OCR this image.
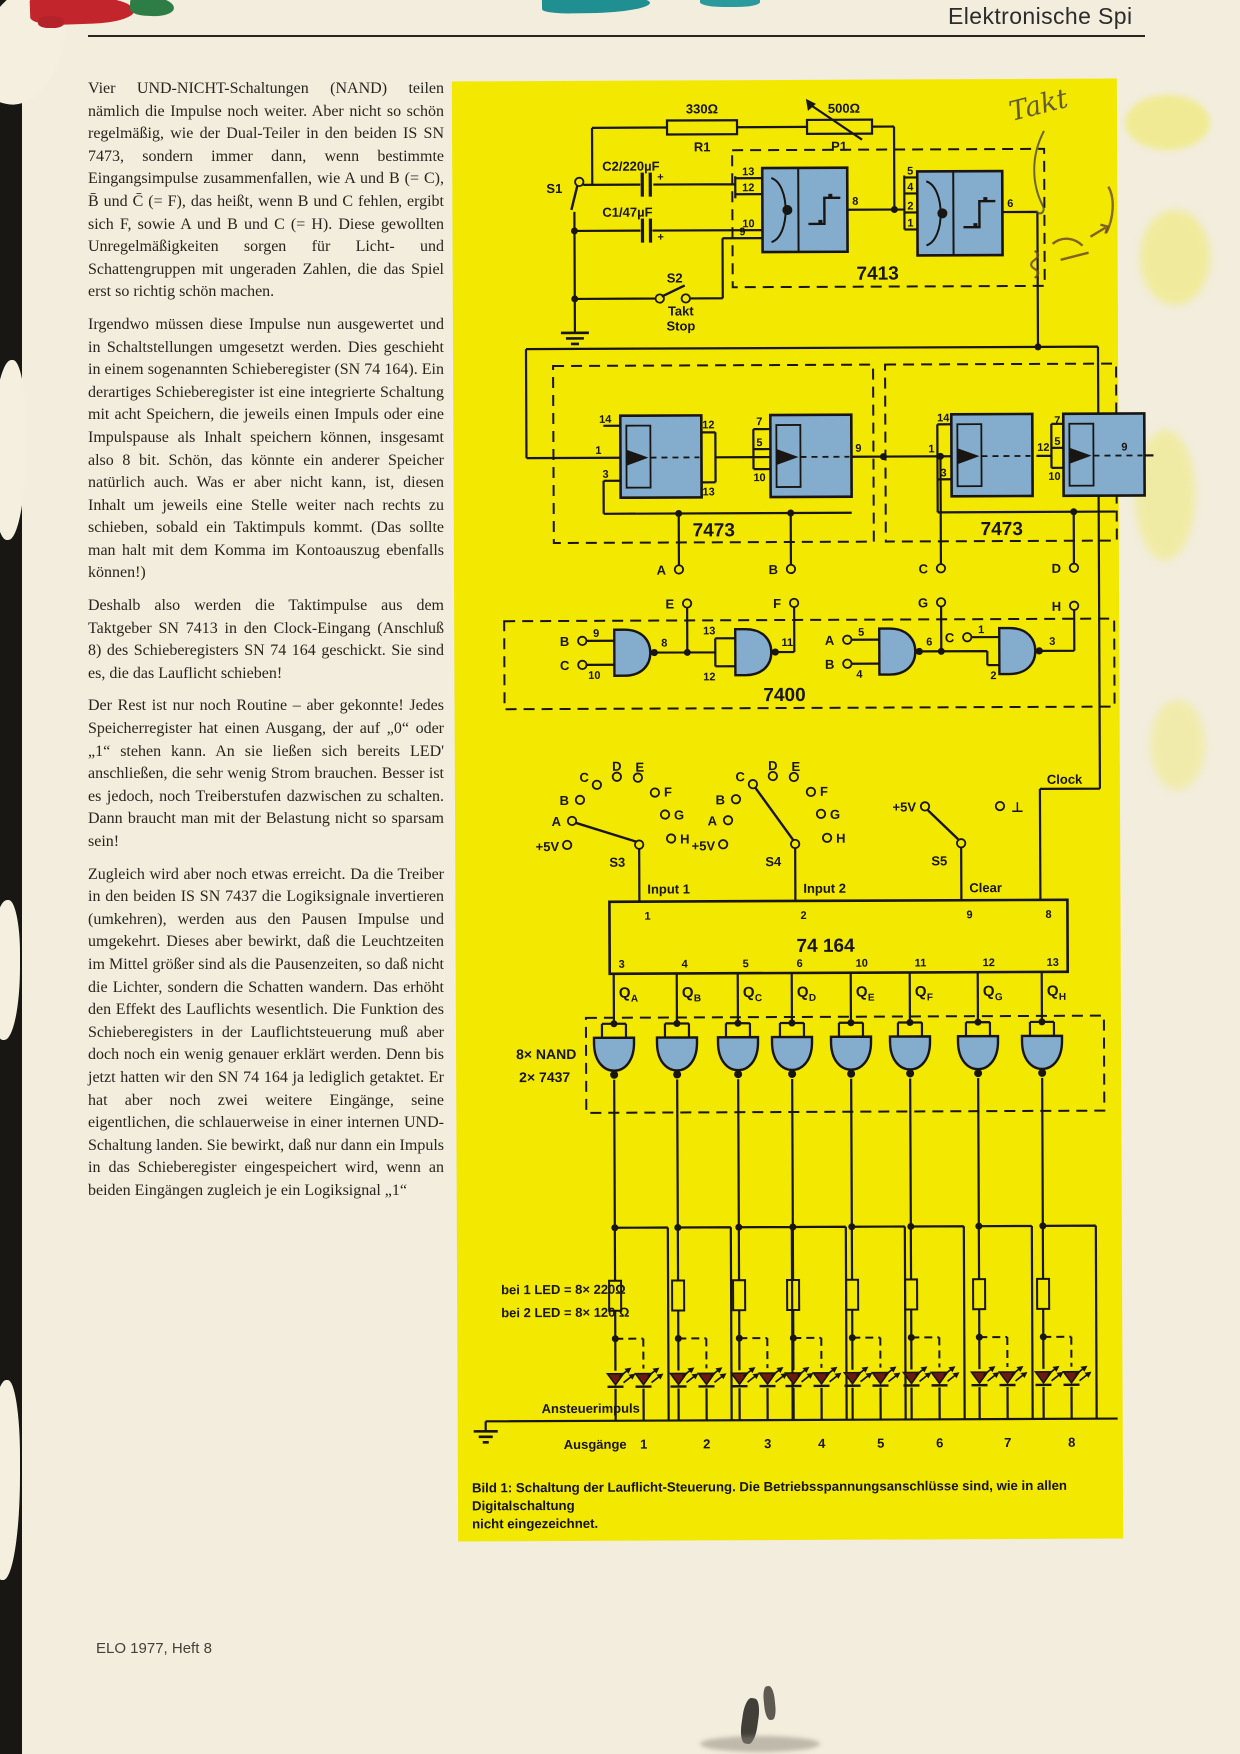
Elektronische Spi

Vier UND-NICHT-Schaltungen (NAND) teilen nämlich die Impulse noch weiter. Aber nicht so schön regelmäßig, wie der Dual-Teiler in den beiden IS SN 7473, sondern immer dann, wenn bestimmte Eingangsimpulse zusammenfallen, wie A und B (= C), B̄ und C̄ (= F), das heißt, wenn B und C fehlen, ergibt sich F, sowie A und B und C (= H). Diese gewollten Unregelmäßigkeiten sorgen für Licht- und Schattengruppen mit ungeraden Zahlen, die das Spiel erst so richtig schön machen.

Irgendwo müssen diese Impulse nun ausgewertet und in Schaltstellungen umgesetzt werden. Dies geschieht in einem sogenannten Schieberegister (SN 74 164). Ein derartiges Schieberegister ist eine integrierte Schaltung mit acht Speichern, die jeweils einen Impuls oder eine Impulspause als Inhalt speichern können, insgesamt also 8 bit. Schön, das könnte ein anderer Speicher natürlich auch. Was er aber nicht kann, ist, diesen Inhalt um jeweils eine Stelle weiter nach rechts zu schieben, sobald ein Taktimpuls kommt. (Das sollte man halt mit dem Komma im Kontoauszug ebenfalls können!)

Deshalb also werden die Taktimpulse aus dem Taktgeber SN 7413 in den Clock-Eingang (Anschluß 8) des Schieberegisters SN 74 164 geschickt. Sie sind es, die das Lauflicht schieben!

Der Rest ist nur noch Routine – aber gekonnte! Jedes Speicherregister hat einen Ausgang, der auf „0“ oder „1“ stehen kann. An sie ließen sich bereits LED' anschließen, die sehr wenig Strom brauchen. Besser ist es jedoch, noch Treiberstufen dazwischen zu schalten. Dann braucht man mit der Belastung nicht so sparsam sein!

Zugleich wird aber noch etwas erreicht. Da die Treiber in den beiden IS SN 7437 die Logiksignale invertieren (umkehren), werden aus den Pausen Impulse und umgekehrt. Dieses aber bewirkt, daß die Leuchtzeiten im Mittel größer sind als die Pausenzeiten, so daß nicht die Lichter, sondern die Schatten wandern. Das erhöht den Effekt des Lauflichts wesentlich. Die Funktion des Schieberegisters in der Lauflichtsteuerung muß aber doch noch ein wenig genauer erklärt werden. Denn bis jetzt hatten wir den SN 74 164 ja lediglich getaktet. Er hat aber noch zwei weitere Eingänge, seine eigentlichen, die schlauerweise in einer internen UND-Schaltung landen. Sie bewirkt, daß nur dann ein Impuls in das Schieberegister eingespeichert wird, wenn an beiden Eingängen zugleich je ein Logiksignal „1“

ELO 1977, Heft 8
330Ω
R1
500Ω
P1
C2/220µF
C1/47µF
+
+
S1
S2
Takt
Stop
13
12
10
9
8
5
4
2
1
6
7413
14
1
3
12
13
7
5
10
9
14
1
3
12
7
5
10
9
7473	7473
A	B	C	D
E	F	G	H
B
C
9
10
8
13
12
11 A
B
5
4
6 C
1
2
3
7400
+5V
A
B
C
D E
F
G
H
S3
+5V
A
B
C
D E
F
G
H
S4
+5V	⊥
S5
Input 1	Input 2	Clear
Clock
1	2	9	8
74 164
3	4	5	6	10	11	12	13
Q A	Q B	Q C Q D	Q E	Q F	Q G	Q H
8× NAND
2× 7437
bei 1 LED = 8× 220Ω
bei 2 LED = 8× 120 Ω
Ansteuerimpuls
Ausgänge 1	2	3	4	5	6	7	8
Takt
Bild 1: Schaltung der Lauflicht-Steuerung. Die Betriebsspannungsanschlüsse sind, wie in allen Digitalschaltung
nicht eingezeichnet.
